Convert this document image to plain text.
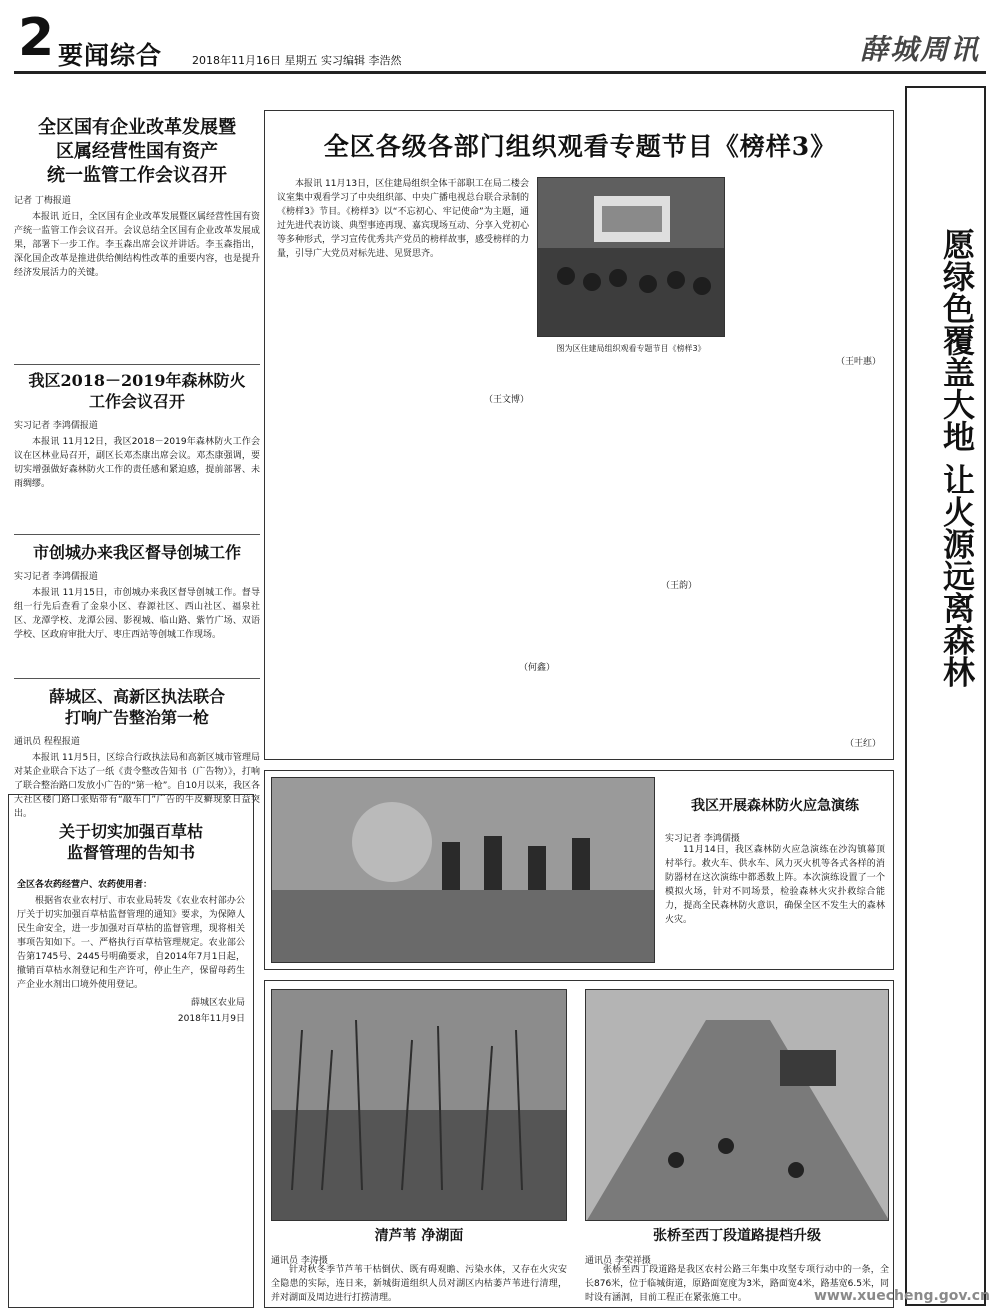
2 要闻综合	2018年11月16日 星期五 实习编辑 李浩然	薛城周讯
全区国有企业改革发展暨
区属经营性国有资产
统一监管工作会议召开
记者 丁梅报道

本报讯 近日，全区国有企业改革发展暨区属经营性国有资产统一监管工作会议召开。会议总结全区国有企业改革发展成果，部署下一步工作。李玉森出席会议并讲话。李玉森指出，深化国企改革是推进供给侧结构性改革的重要内容，也是提升经济发展活力的关键。

我区2018－2019年森林防火
工作会议召开
实习记者 李鸿儒报道

本报讯 11月12日，我区2018－2019年森林防火工作会议在区林业局召开，副区长邓杰康出席会议。邓杰康强调，要切实增强做好森林防火工作的责任感和紧迫感，提前部署、未雨绸缪。

市创城办来我区督导创城工作
实习记者 李鸿儒报道

本报讯 11月15日，市创城办来我区督导创城工作。督导组一行先后查看了金泉小区、春源社区、西山社区、福泉社区、龙潭学校、龙潭公园、影视城、临山路、紫竹广场、双语学校、区政府审批大厅、枣庄西站等创城工作现场。

薛城区、高新区执法联合
打响广告整治第一枪
通讯员 程程报道

本报讯 11月5日，区综合行政执法局和高新区城市管理局对某企业联合下达了一纸《责令整改告知书（广告物）》，打响了联合整治路口发放小广告的“第一枪”。自10月以来，我区各大社区楼门路口张贴带有“敲车门”广告的牛皮癣现象日益突出。

关于切实加强百草枯
监督管理的告知书
全区各农药经营户、农药使用者：

根据省农业农村厅、市农业局转发《农业农村部办公厅关于切实加强百草枯监督管理的通知》要求，为保障人民生命安全，进一步加强对百草枯的监督管理，现将相关事项告知如下。一、严格执行百草枯管理规定。农业部公告第1745号、2445号明确要求，自2014年7月1日起，撤销百草枯水剂登记和生产许可，停止生产，保留母药生产企业水剂出口境外使用登记。

薛城区农业局
2018年11月9日
全区各级各部门组织观看专题节目《榜样3》
图为区住建局组织观看专题节目《榜样3》

本报讯 11月13日，区住建局组织全体干部职工在局二楼会议室集中观看学习了中央组织部、中央广播电视总台联合录制的《榜样3》节目。《榜样3》以“不忘初心、牢记使命”为主题，通过先进代表访谈、典型事迹再现、嘉宾现场互动、分享入党初心等多种形式，学习宣传优秀共产党员的榜样故事，感受榜样的力量，引导广大党员对标先进、见贤思齐。

（王文博）
（王韵）
（何鑫）
（王叶惠）
（王红）
我区开展森林防火应急演练
实习记者 李鸿儒摄

11月14日，我区森林防火应急演练在沙沟镇幕顶村举行。救火车、供水车、风力灭火机等各式各样的消防器材在这次演练中都悉数上阵。本次演练设置了一个模拟火场，针对不同场景，检验森林火灾扑救综合能力，提高全民森林防火意识，确保全区不发生大的森林火灾。

清芦苇 净湖面
通讯员 李涛摄

针对秋冬季节芦苇干枯倒伏、既有碍观瞻、污染水体，又存在火灾安全隐患的实际，连日来，新城街道组织人员对湖区内枯萎芦苇进行清理，并对湖面及周边进行打捞清理。

张桥至西丁段道路提档升级
通讯员 李荣祥摄

张桥至西丁段道路是我区农村公路三年集中攻坚专项行动中的一条，全长876米，位于临城街道，原路面宽度为3米，路面宽4米，路基宽6.5米，同时设有涵洞，目前工程正在紧张施工中。

愿绿色覆盖大地 让火源远离森林
www.xuecheng.gov.cn
